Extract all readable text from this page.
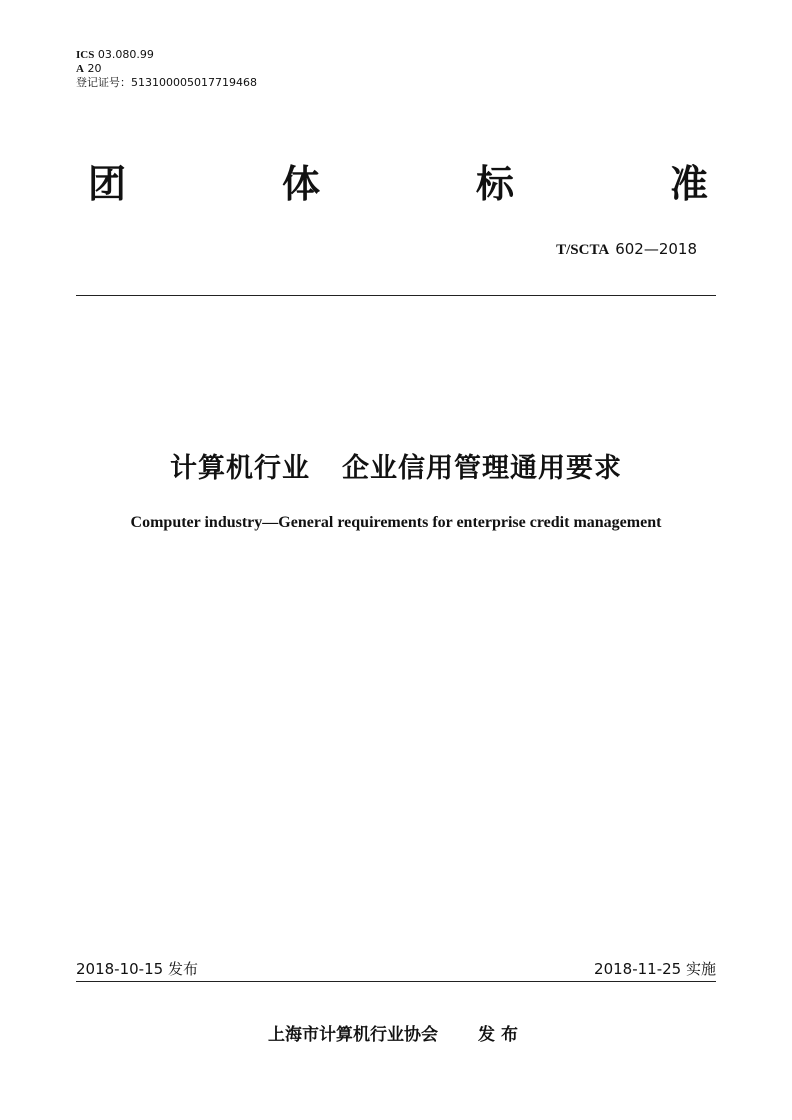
ICS 03.080.99
A 20
登记证号：513100005017719468
团	体	标	准
T/SCTA 602—2018
计算机行业 企业信用管理通用要求
Computer industry—General requirements for enterprise credit management
2018-10-15 发布	2018-11-25 实施
上海市计算机行业协会 发布
